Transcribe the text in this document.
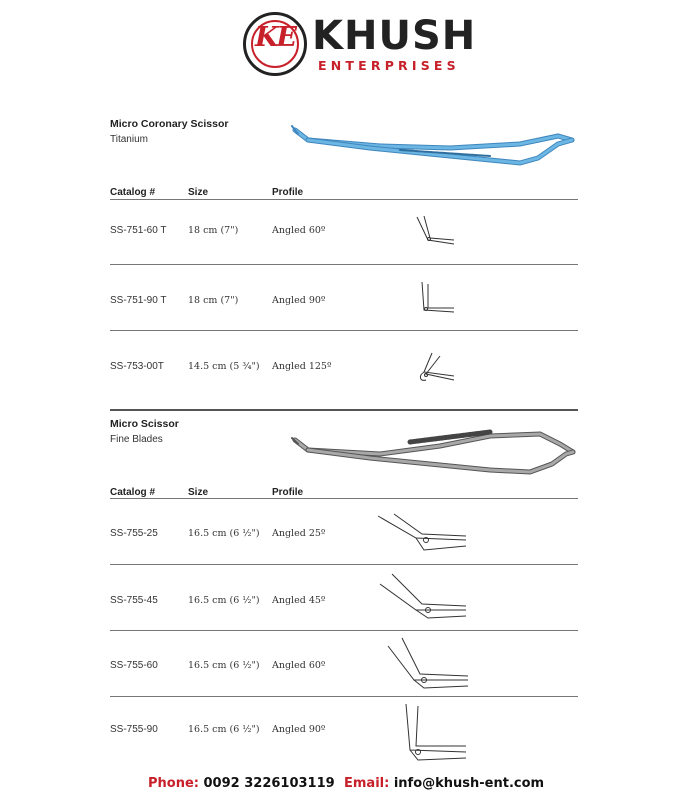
KE KHUSH
ENTERPRISES
Micro Coronary Scissor
Titanium
Catalog #	Size	Profile
SS-751-60 T 18 cm (7")	Angled 60º
SS-751-90 T 18 cm (7")	Angled 90º
SS-753-00T	14.5 cm (5 ¾") Angled 125º
Micro Scissor
Fine Blades
Catalog #	Size	Profile
SS-755-25	16.5 cm (6 ½") Angled 25º
SS-755-45	16.5 cm (6 ½") Angled 45º
SS-755-60	16.5 cm (6 ½") Angled 60º
SS-755-90	16.5 cm (6 ½") Angled 90º
Phone: 0092 3226103119 Email: info@khush-ent.com
